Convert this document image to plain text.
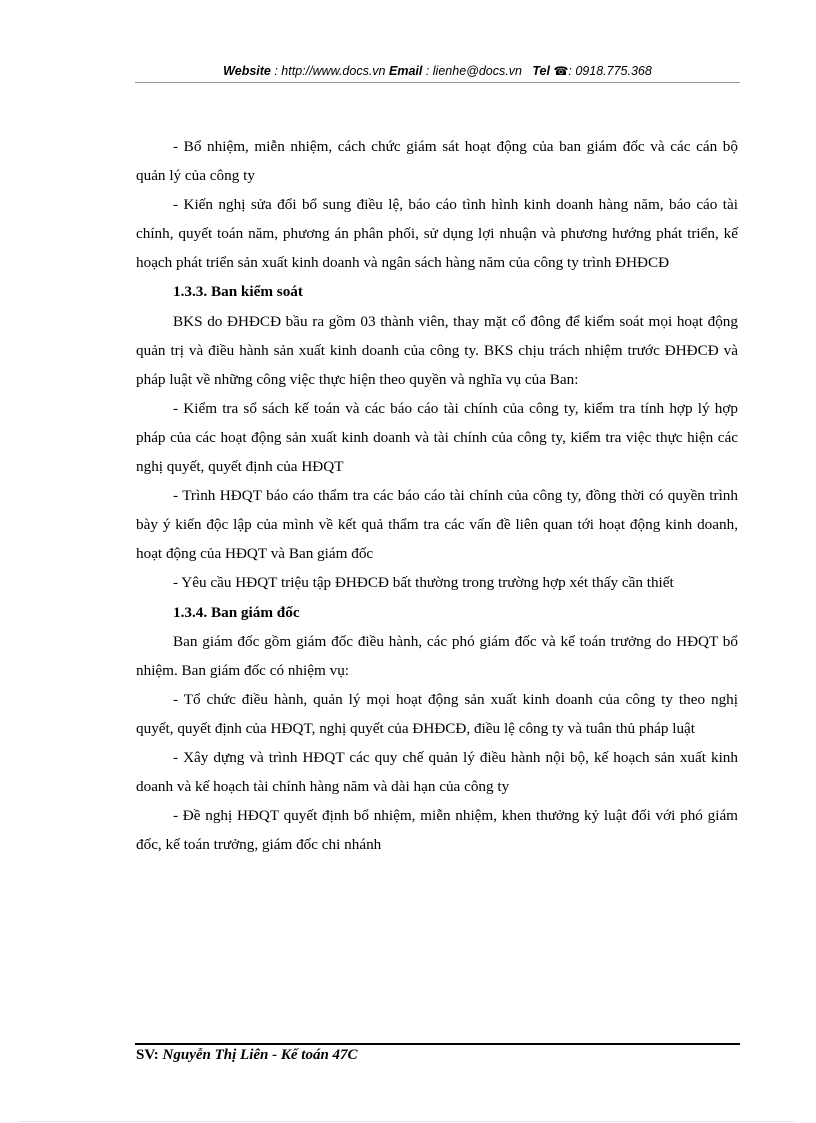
Website : http://www.docs.vn Email : lienhe@docs.vn Tel ☎: 0918.775.368

- Bổ nhiệm, miễn nhiệm, cách chức giám sát hoạt động của ban giám đốc và các cán bộ quản lý của công ty

- Kiến nghị sửa đổi bổ sung điều lệ, báo cáo tình hình kinh doanh hàng năm, báo cáo tài chính, quyết toán năm, phương án phân phối, sử dụng lợi nhuận và phương hướng phát triển, kế hoạch phát triển sản xuất kinh doanh và ngân sách hàng năm của công ty trình ĐHĐCĐ

1.3.3. Ban kiểm soát

BKS do ĐHĐCĐ bầu ra gồm 03 thành viên, thay mặt cổ đông để kiểm soát mọi hoạt động quản trị và điều hành sản xuất kinh doanh của công ty. BKS chịu trách nhiệm trước ĐHĐCĐ và pháp luật về những công việc thực hiện theo quyền và nghĩa vụ của Ban:

- Kiểm tra sổ sách kế toán và các báo cáo tài chính của công ty, kiểm tra tính hợp lý hợp pháp của các hoạt động sản xuất kinh doanh và tài chính của công ty, kiểm tra việc thực hiện các nghị quyết, quyết định của HĐQT

- Trình HĐQT báo cáo thẩm tra các báo cáo tài chính của công ty, đồng thời có quyền trình bày ý kiến độc lập của mình về kết quả thẩm tra các vấn đề liên quan tới hoạt động kinh doanh, hoạt động của HĐQT và Ban giám đốc

- Yêu cầu HĐQT triệu tập ĐHĐCĐ bất thường trong trường hợp xét thấy cần thiết

1.3.4. Ban giám đốc

Ban giám đốc gồm giám đốc điều hành, các phó giám đốc và kế toán trưởng do HĐQT bổ nhiệm. Ban giám đốc có nhiệm vụ:

- Tổ chức điều hành, quản lý mọi hoạt động sản xuất kinh doanh của công ty theo nghị quyết, quyết định của HĐQT, nghị quyết của ĐHĐCĐ, điều lệ công ty và tuân thủ pháp luật

- Xây dựng và trình HĐQT các quy chế quản lý điều hành nội bộ, kế hoạch sản xuất kinh doanh và kế hoạch tài chính hàng năm và dài hạn của công ty

- Đề nghị HĐQT quyết định bổ nhiệm, miễn nhiệm, khen thưởng kỷ luật đối với phó giám đốc, kế toán trưởng, giám đốc chi nhánh

SV: Nguyễn Thị Liên - Kế toán 47C
